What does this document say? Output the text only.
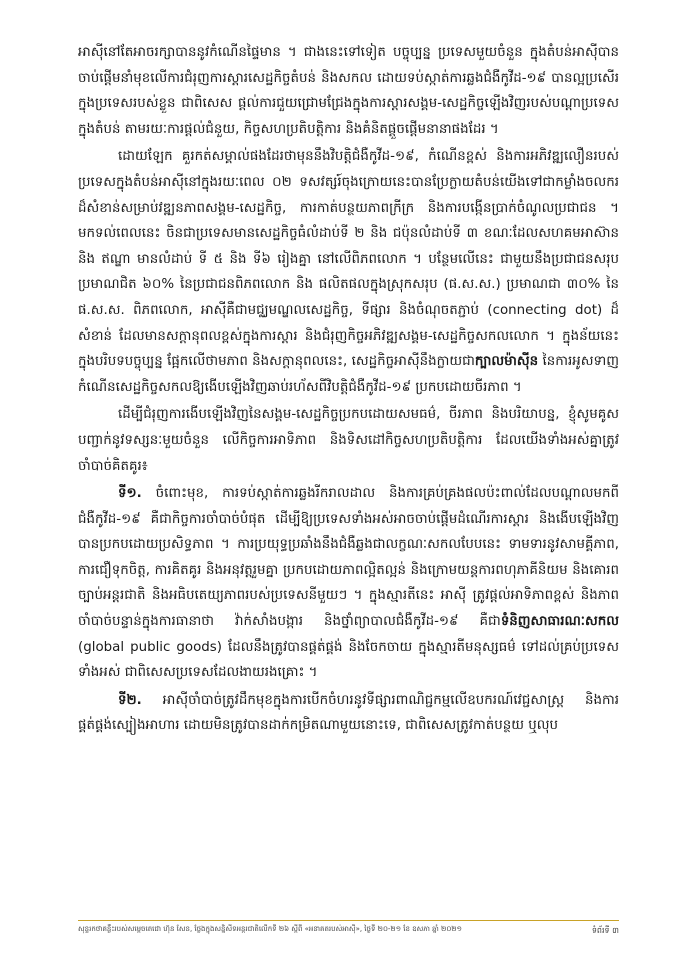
អាស៊ីនៅតែអាចរក្សាបាននូវកំណើនផ្ទៃមាន ។ ជាងនេះទៅទៀត បច្ចុប្បន្ន ប្រទេសមួយចំនួន ក្នុងតំបន់អាស៊ីបានចាប់ផ្តើមនាំមុខលើការជំរុញការស្តារសេដ្ឋកិច្ចតំបន់ និងសកល ដោយទប់ស្កាត់ការឆ្លងជំងឺកូវីដ-១៩ បានល្អប្រសើរក្នុងប្រទេសរបស់ខ្លួន ជាពិសេស ផ្តល់ការជួយជ្រោមជ្រែងក្នុងការស្តារសង្គម-សេដ្ឋកិច្ចឡើងវិញរបស់បណ្តាប្រទេសក្នុងតំបន់ តាមរយៈការផ្តល់ជំនួយ, កិច្ចសហប្រតិបត្តិការ និងគំនិតផ្តួចផ្តើមនានាផងដែរ ។

ដោយឡែក គួរកត់សម្គាល់ផងដែរថាមុននឹងវិបត្តិជំងឺកូវីដ-១៩, កំណើនខ្ពស់ និងការអភិវឌ្ឍលឿនរបស់ប្រទេសក្នុងតំបន់អាស៊ីនៅក្នុងរយៈពេល ០២ ទសវត្សរ៍ចុងក្រោយនេះបានប្រែក្លាយតំបន់យើងទៅជាកម្លាំងចលករ ដ៏សំខាន់សម្រាប់វឌ្ឍនភាពសង្គម-សេដ្ឋកិច្ច, ការកាត់បន្ថយភាពក្រីក្រ និងការបង្កើនប្រាក់ចំណូលប្រជាជន ។ មកទល់ពេលនេះ ចិនជាប្រទេសមានសេដ្ឋកិច្ចធំលំដាប់ទី ២ និង ជប៉ុនលំដាប់ទី ៣ ខណៈដែលសហគមអាស៊ាន និង ឥណ្ឌា មានលំដាប់ ទី ៥ និង ទី៦ រៀងគ្នា នៅលើពិភពលោក ។ បន្ថែមលើនេះ ជាមួយនឹងប្រជាជនសរុបប្រមាណជិត ៦០% នៃប្រជាជនពិភពលោក និង ផលិតផលក្នុងស្រុកសរុប (ផ.ស.ស.) ប្រមាណជា ៣០% នៃ ផ.ស.ស. ពិភពលោក, អាស៊ីគឺជាមជ្ឈមណ្ឌលសេដ្ឋកិច្ច, ទីផ្សារ និងចំណុចតភ្ជាប់ (connecting dot) ដ៏សំខាន់ ដែលមានសក្តានុពលខ្ពស់ក្នុងការស្តារ និងជំរុញកិច្ចអភិវឌ្ឍសង្គម-សេដ្ឋកិច្ចសកលលោក ។ ក្នុងន័យនេះ ក្នុងបរិបទបច្ចុប្បន្ន ផ្អែកលើថាមភាព និងសក្តានុពលនេះ, សេដ្ឋកិច្ចអាស៊ីនឹងក្លាយជាក្បាលម៉ាស៊ីន នៃការអូសទាញកំណើនសេដ្ឋកិច្ចសកលឱ្យងើបឡើងវិញឆាប់រហ័សពីវិបត្តិជំងឺកូវីដ-១៩ ប្រកបដោយចីរភាព ។

ដើម្បីជំរុញការងើបឡើងវិញនៃសង្គម-សេដ្ឋកិច្ចប្រកបដោយសមធម៌, ចីរភាព និងបរិយាបន្ន, ខ្ញុំសូមគូសបញ្ជាក់នូវទស្សនៈមួយចំនួន លើកិច្ចការអាទិភាព និងទិសដៅកិច្ចសហប្រតិបត្តិការ ដែលយើងទាំងអស់គ្នាត្រូវចាំបាច់គិតគូរ៖

ទី១. ចំពោះមុខ, ការទប់ស្កាត់ការឆ្លងរីករាលដាល និងការគ្រប់គ្រងផលប៉ះពាល់ដែលបណ្តាលមកពីជំងឺកូវីដ-១៩ គឺជាកិច្ចការចាំបាច់បំផុត ដើម្បីឱ្យប្រទេសទាំងអស់អាចចាប់ផ្តើមដំណើរការស្តារ និងងើបឡើងវិញបានប្រកបដោយប្រសិទ្ធភាព ។ ការប្រយុទ្ធប្រឆាំងនឹងជំងឺឆ្លងជាលក្ខណៈសកលបែបនេះ ទាមទារនូវសាមគ្គីភាព, ការជឿទុកចិត្ត, ការគិតគូរ និងអនុវត្តរួមគ្នា ប្រកបដោយភាពល្អិតល្អន់ និងក្រោមយន្តការពហុភាគីនិយម និងគោរពច្បាប់អន្តរជាតិ និងអធិបតេយ្យភាពរបស់ប្រទេសនីមួយៗ ។ ក្នុងស្មារតីនេះ អាស៊ី ត្រូវផ្តល់អាទិភាពខ្ពស់ និងភាពចាំបាច់បន្ទាន់ក្នុងការធានាថា វ៉ាក់សាំងបង្ការ និងថ្នាំព្យាបាលជំងឺកូវីដ-១៩ គឺជាទំនិញសាធារណៈសកល (global public goods) ដែលនឹងត្រូវបានផ្គត់ផ្គង់ និងចែកចាយ ក្នុងស្មារតីមនុស្សធម៌ ទៅដល់គ្រប់ប្រទេសទាំងអស់ ជាពិសេសប្រទេសដែលងាយរងគ្រោះ ។

ទី២. អាស៊ីចាំបាច់ត្រូវដឹកមុខក្នុងការបើកចំហរនូវទីផ្សារពាណិជ្ជកម្មលើឧបករណ៍វេជ្ជសាស្ត្រ និងការផ្គត់ផ្គង់ស្បៀងអាហារ ដោយមិនត្រូវបានដាក់កម្រិតណាមួយនោះទេ, ជាពិសេសត្រូវកាត់បន្ថយ ឬលុប

សុន្ទរកថាគន្លឹះរបស់សម្តេចតេជោ ហ៊ុន សែន, ថ្លែងក្នុងសន្និសីទអន្តរជាតិលើកទី ២៦ ស្តីពី «អនាគតរបស់អាស៊ី», ថ្ងៃទី ២០-២១ ខែ ឧសភា ឆ្នាំ ២០២១	ទំព័រទី ៣
